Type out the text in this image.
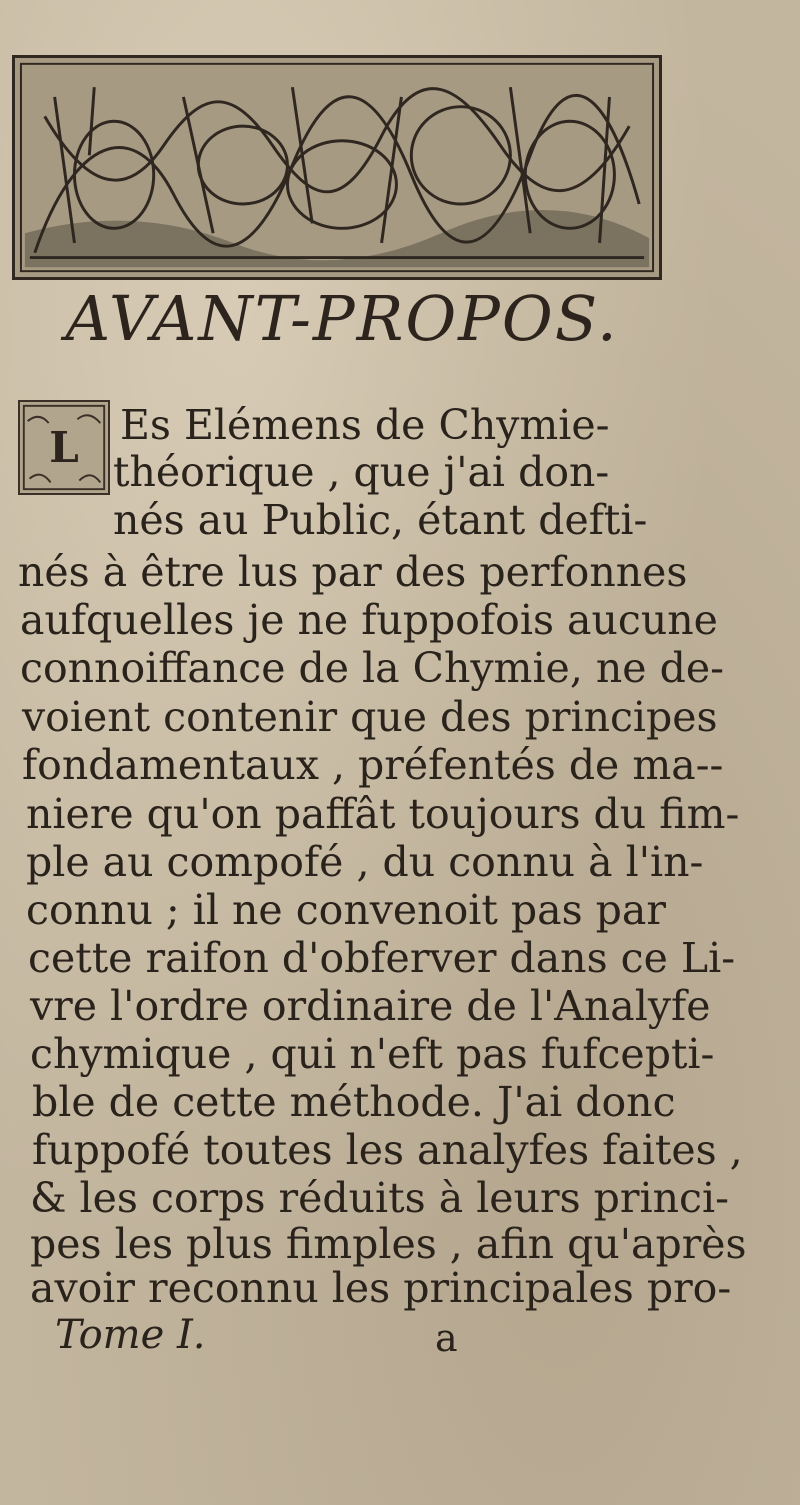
AVANT-PROPOS.
L	Es Elémens de Chymie-
théorique , que j'ai don-
nés au Public, étant defti-
nés à être lus par des perfonnes
aufquelles je ne fuppofois aucune
connoiffance de la Chymie, ne de-
voient contenir que des principes
fondamentaux , préfentés de ma--
niere qu'on paffât toujours du fim-
ple au compofé , du connu à l'in-
connu ; il ne convenoit pas par
cette raifon d'obferver dans ce Li-
vre l'ordre ordinaire de l'Analyfe
chymique , qui n'eft pas fufcepti-
ble de cette méthode. J'ai donc
fuppofé toutes les analyfes faites ,
& les corps réduits à leurs princi-
pes les plus fimples , afin qu'après
avoir reconnu les principales pro-
Tome I.	a
